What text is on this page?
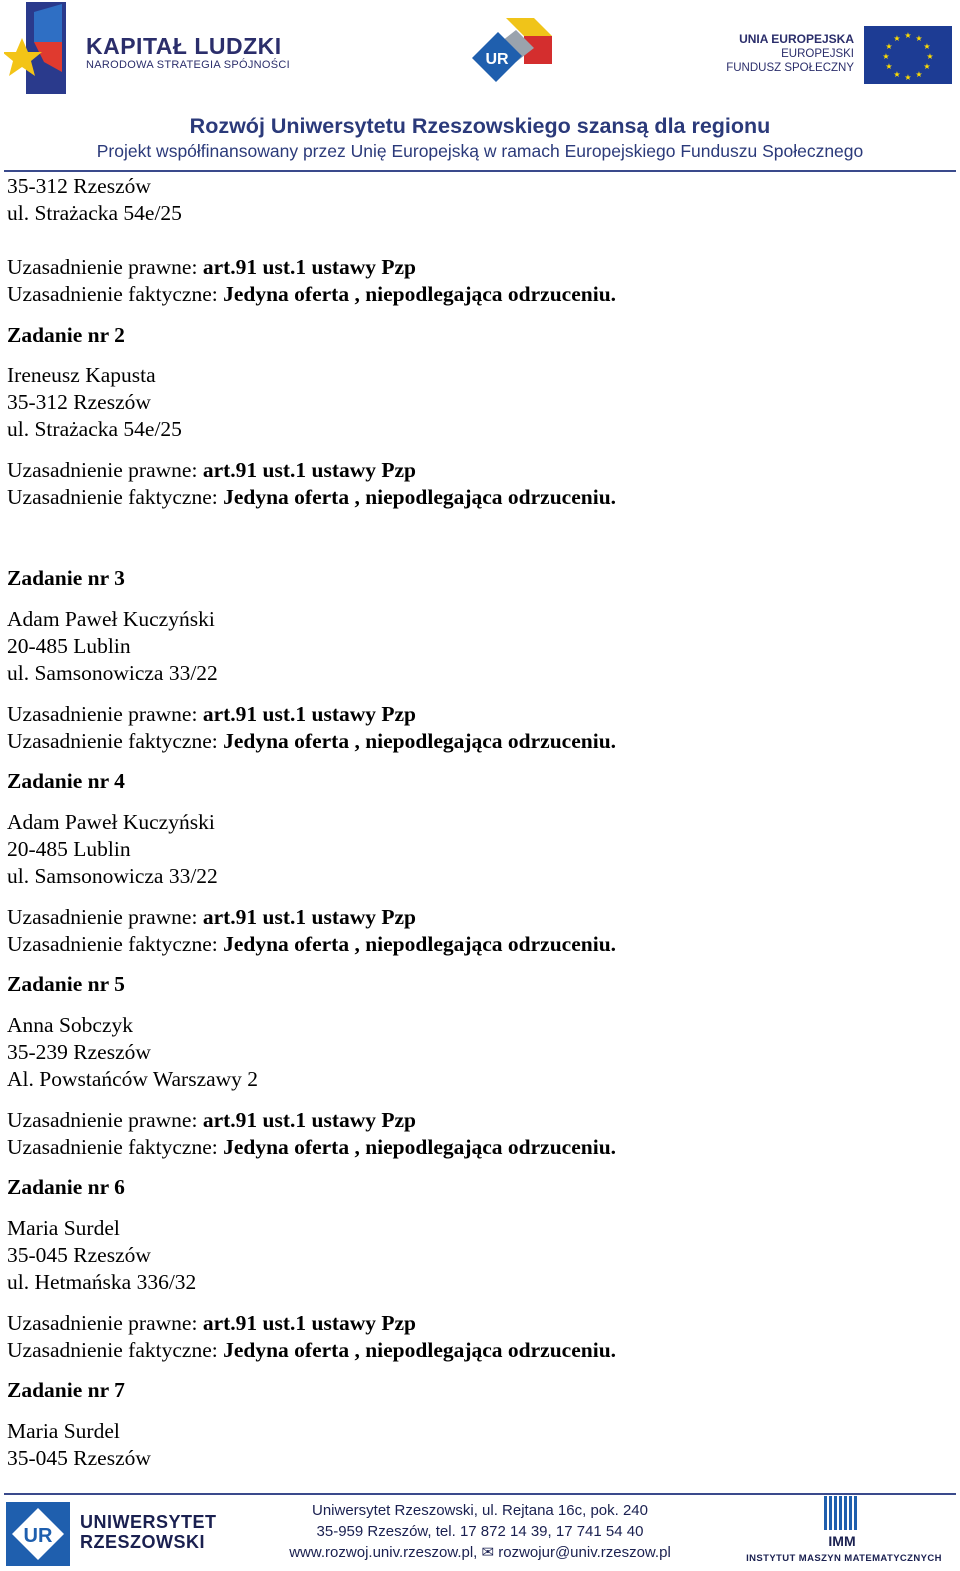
KAPITAŁ LUDZKI
NARODOWA STRATEGIA SPÓJNOŚCI	UR
UNIA EUROPEJSKA
EUROPEJSKI
FUNDUSZ SPOŁECZNY
★ ★
★
★
★
★
★
★
★
★
★
★
Rozwój Uniwersytetu Rzeszowskiego szansą dla regionu
Projekt współfinansowany przez Unię Europejską w ramach Europejskiego Funduszu Społecznego
35-312 Rzeszów
ul. Strażacka 54e/25
Uzasadnienie prawne: art.91 ust.1 ustawy Pzp
Uzasadnienie faktyczne: Jedyna oferta , niepodlegająca odrzuceniu.
Zadanie nr 2
Ireneusz Kapusta
35-312 Rzeszów
ul. Strażacka 54e/25
Uzasadnienie prawne: art.91 ust.1 ustawy Pzp
Uzasadnienie faktyczne: Jedyna oferta , niepodlegająca odrzuceniu.
Zadanie nr 3
Adam Paweł Kuczyński
20-485 Lublin
ul. Samsonowicza 33/22
Uzasadnienie prawne: art.91 ust.1 ustawy Pzp
Uzasadnienie faktyczne: Jedyna oferta , niepodlegająca odrzuceniu.
Zadanie nr 4
Adam Paweł Kuczyński
20-485 Lublin
ul. Samsonowicza 33/22
Uzasadnienie prawne: art.91 ust.1 ustawy Pzp
Uzasadnienie faktyczne: Jedyna oferta , niepodlegająca odrzuceniu.
Zadanie nr 5
Anna Sobczyk
35-239 Rzeszów
Al. Powstańców Warszawy 2
Uzasadnienie prawne: art.91 ust.1 ustawy Pzp
Uzasadnienie faktyczne: Jedyna oferta , niepodlegająca odrzuceniu.
Zadanie nr 6
Maria Surdel
35-045 Rzeszów
ul. Hetmańska 336/32
Uzasadnienie prawne: art.91 ust.1 ustawy Pzp
Uzasadnienie faktyczne: Jedyna oferta , niepodlegająca odrzuceniu.
Zadanie nr 7
Maria Surdel
35-045 Rzeszów
UR
UNIWERSYTET
RZESZOWSKI
Uniwersytet Rzeszowski, ul. Rejtana 16c, pok. 240
35-959 Rzeszów, tel. 17 872 14 39, 17 741 54 40
www.rozwoj.univ.rzeszow.pl, ✉ rozwojur@univ.rzeszow.pl
IMM
INSTYTUT MASZYN MATEMATYCZNYCH
